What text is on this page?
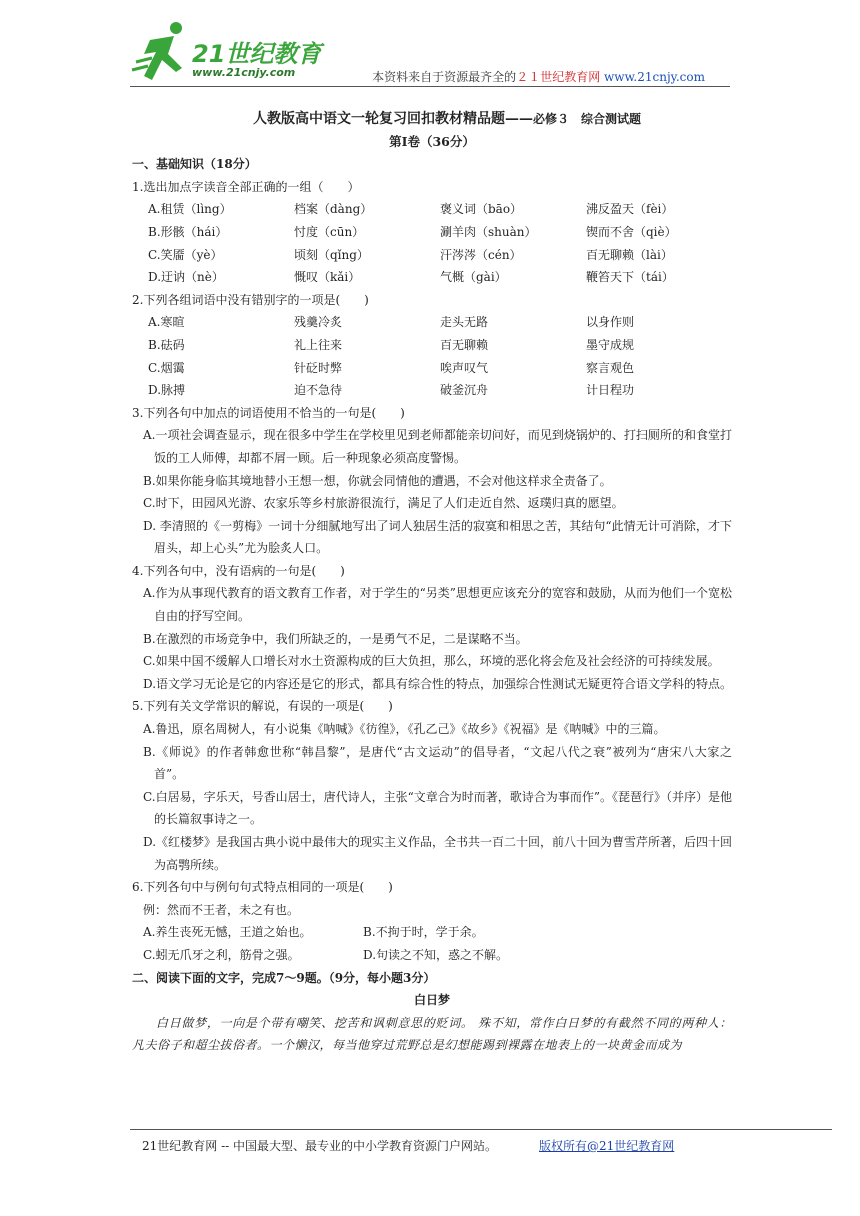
21世纪教育
www.21cnjy.com	本资料来自于资源最齐全的２１世纪教育网 www.21cnjy.com
人教版高中语文一轮复习回扣教材精品题——必修３　综合测试题
第Ⅰ卷（36分）
一、基础知识（18分）
1.选出加点字读音全部正确的一组（　　）
A.租赁（lìng）	档案（dàng）	褒义词（bāo）	沸反盈天（fèi）
B.形骸（hái）	忖度（cūn）	涮羊肉（shuàn）	锲而不舍（qiè）
C.笑靥（yè）	顷刻（qǐng）	汗涔涔（cén）	百无聊赖（lài）
D.迂讷（nè）	慨叹（kǎi）	气概（gài）	鞭笞天下（tái）
2.下列各组词语中没有错别字的一项是(　　)
A.寒暄	残羹冷炙	走头无路	以身作则
B.砝码	礼上往来	百无聊赖	墨守成规
C.烟霭	针砭时弊	唉声叹气	察言观色
D.脉搏	迫不急待	破釜沉舟	计日程功
3.下列各句中加点的词语使用不恰当的一句是(　　)
A.一项社会调查显示，现在很多中学生在学校里见到老师都能亲切问好，而见到烧锅炉的、打扫厕所的和食堂打饭的工人师傅，却都不屑一顾。后一种现象必须高度警惕。
B.如果你能身临其境地替小王想一想，你就会同情他的遭遇，不会对他这样求全责备了。
C.时下，田园风光游、农家乐等乡村旅游很流行，满足了人们走近自然、返璞归真的愿望。
D. 李清照的《一剪梅》一词十分细腻地写出了词人独居生活的寂寞和相思之苦，其结句“此情无计可消除，才下眉头，却上心头”尤为脍炙人口。
4.下列各句中，没有语病的一句是(　　)
A.作为从事现代教育的语文教育工作者，对于学生的“另类”思想更应该充分的宽容和鼓励，从而为他们一个宽松自由的抒写空间。
B.在激烈的市场竞争中，我们所缺乏的，一是勇气不足，二是谋略不当。
C.如果中国不缓解人口增长对水土资源构成的巨大负担，那么，环境的恶化将会危及社会经济的可持续发展。
D.语文学习无论是它的内容还是它的形式，都具有综合性的特点，加强综合性测试无疑更符合语文学科的特点。
5.下列有关文学常识的解说，有误的一项是(　　)
A.鲁迅，原名周树人，有小说集《呐喊》《彷徨》，《孔乙己》《故乡》《祝福》是《呐喊》中的三篇。
B.《师说》的作者韩愈世称“韩昌黎”，是唐代“古文运动”的倡导者，“文起八代之衰”被列为“唐宋八大家之首”。
C.白居易，字乐天，号香山居士，唐代诗人，主张“文章合为时而著，歌诗合为事而作”。《琵琶行》（并序）是他的长篇叙事诗之一。
D.《红楼梦》是我国古典小说中最伟大的现实主义作品，全书共一百二十回，前八十回为曹雪芹所著，后四十回为高鹗所续。
6.下列各句中与例句句式特点相同的一项是(　　)
例：然而不王者，未之有也。
A.养生丧死无憾，王道之始也。	B.不拘于时，学于余。
C.蚓无爪牙之利，筋骨之强。	D.句读之不知，惑之不解。
二、阅读下面的文字，完成7～9题。（9分，每小题3分）
白日梦
白日做梦，一向是个带有嘲笑、挖苦和讽刺意思的贬词。 殊不知，常作白日梦的有截然不同的两种人：凡夫俗子和超尘拔俗者。一个懒汉，每当他穿过荒野总是幻想能踢到裸露在地表上的一块黄金而成为
21世纪教育网 -- 中国最大型、最专业的中小学教育资源门户网站。	版权所有@21世纪教育网
